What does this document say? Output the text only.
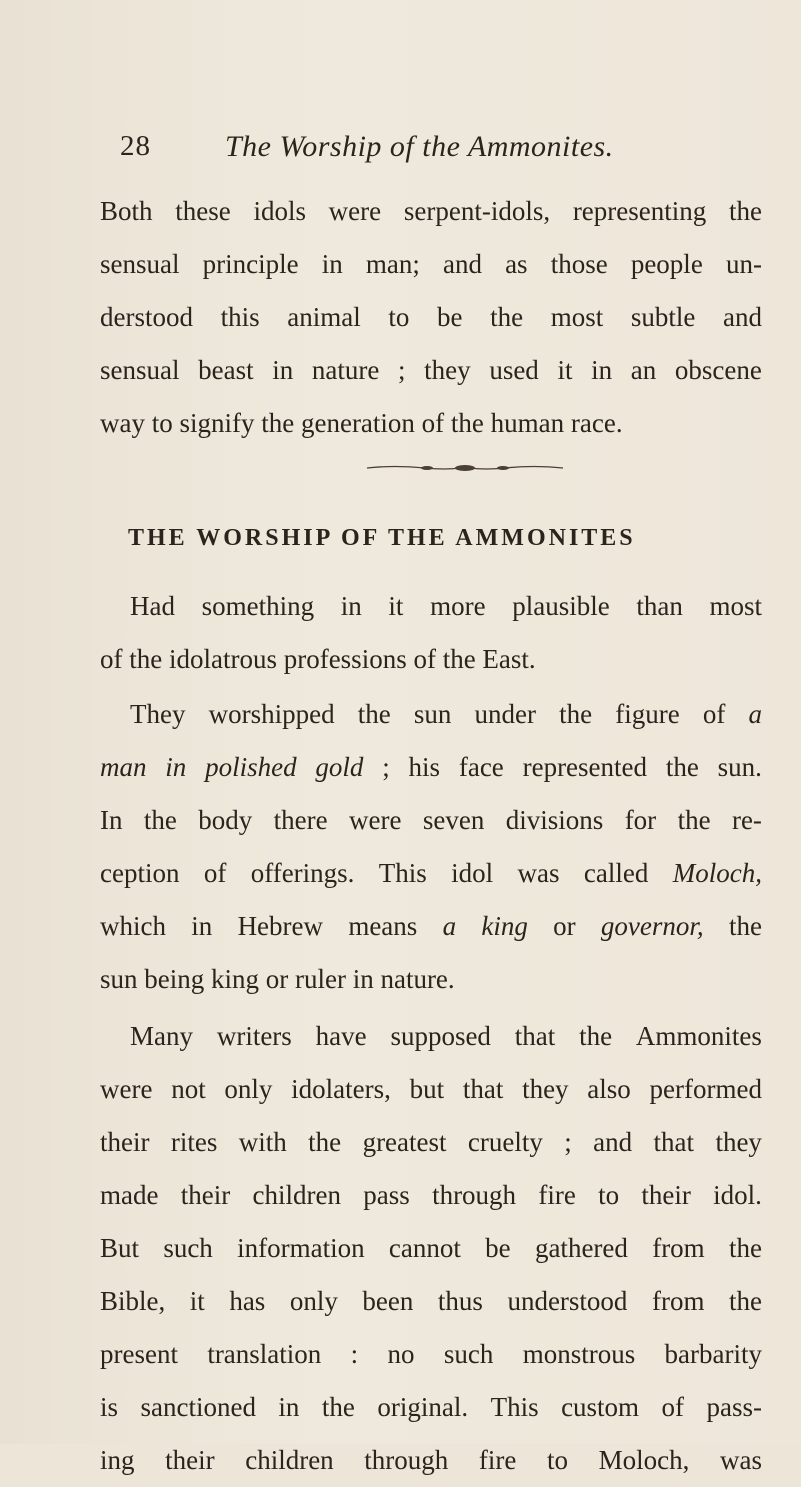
28 The Worship of the Ammonites.
Both these idols were serpent-idols, representing the
sensual principle in man; and as those people un-
derstood this animal to be the most subtle and
sensual beast in nature ; they used it in an obscene
way to signify the generation of the human race.
THE WORSHIP OF THE AMMONITES
Had something in it more plausible than most
of the idolatrous professions of the East.
They worshipped the sun under the figure of a
man in polished gold ; his face represented the sun.
In the body there were seven divisions for the re-
ception of offerings. This idol was called Moloch,
which in Hebrew means a king or governor, the
sun being king or ruler in nature.
Many writers have supposed that the Ammonites
were not only idolaters, but that they also performed
their rites with the greatest cruelty ; and that they
made their children pass through fire to their idol.
But such information cannot be gathered from the
Bible, it has only been thus understood from the
present translation : no such monstrous barbarity
is sanctioned in the original. This custom of pass-
ing their children through fire to Moloch, was
